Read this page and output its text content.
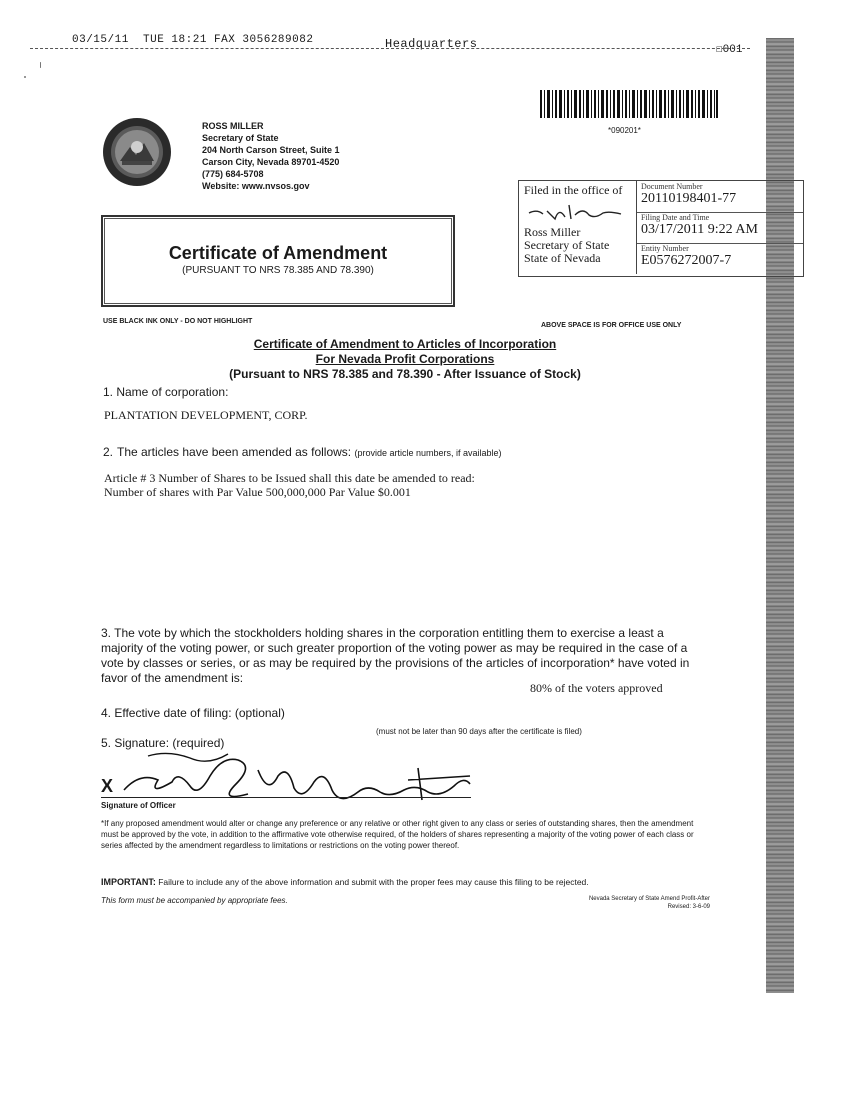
03/15/11  TUE 18:21 FAX 3056289082	Headquarters	☐001
*090201*
ROSS MILLER
Secretary of State
204 North Carson Street, Suite 1
Carson City, Nevada 89701-4520
(775) 684-5708
Website: www.nvsos.gov
Certificate of Amendment
(PURSUANT TO NRS 78.385 AND 78.390)
Filed in the office of
Ross Miller
Secretary of State
State of Nevada
Document Number
20110198401-77
Filing Date and Time
03/17/2011 9:22 AM
Entity Number
E0576272007-7
USE BLACK INK ONLY - DO NOT HIGHLIGHT
ABOVE SPACE IS FOR OFFICE USE ONLY
Certificate of Amendment to Articles of Incorporation
For Nevada Profit Corporations
(Pursuant to NRS 78.385 and 78.390 - After Issuance of Stock)
1. Name of corporation:
PLANTATION DEVELOPMENT, CORP.
2. The articles have been amended as follows: (provide article numbers, if available)
Article # 3 Number of Shares to be Issued shall this date be amended to read:
Number of shares with Par Value 500,000,000 Par Value $0.001
3. The vote by which the stockholders holding shares in the corporation entitling them to exercise a least a majority of the voting power, or such greater proportion of the voting power as may be required in the case of a vote by classes or series, or as may be required by the provisions of the articles of incorporation* have voted in favor of the amendment is:
80% of the voters approved
4. Effective date of filing: (optional)
(must not be later than 90 days after the certificate is filed)
5. Signature: (required)
X
Signature of Officer
*If any proposed amendment would alter or change any preference or any relative or other right given to any class or series of outstanding shares, then the amendment must be approved by the vote, in addition to the affirmative vote otherwise required, of the holders of shares representing a majority of the voting power of each class or series affected by the amendment regardless to limitations or restrictions on the voting power thereof.
IMPORTANT: Failure to include any of the above information and submit with the proper fees may cause this filing to be rejected.
This form must be accompanied by appropriate fees.	Nevada Secretary of State Amend Profit-After
Revised: 3-6-09
